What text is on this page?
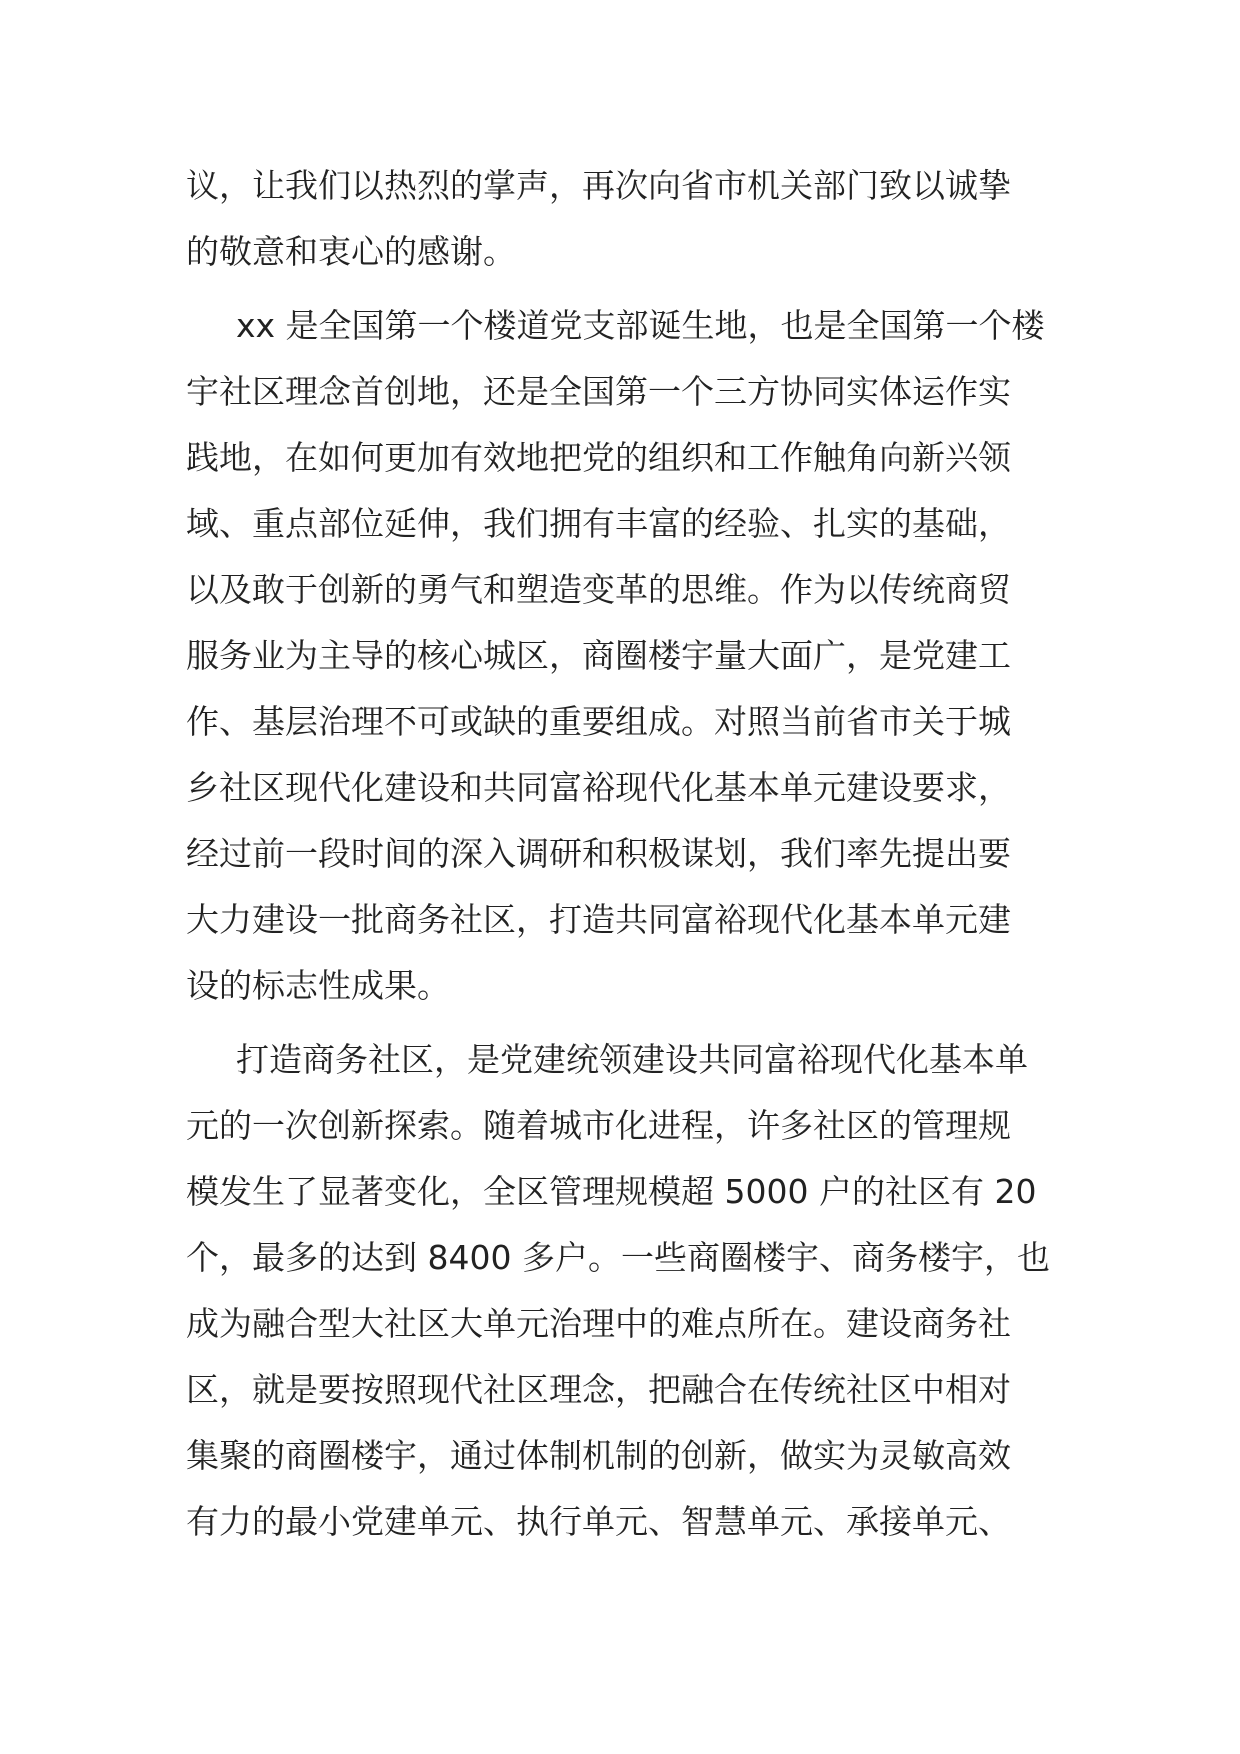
议，让我们以热烈的掌声，再次向省市机关部门致以诚挚
的敬意和衷心的感谢。

xx 是全国第一个楼道党支部诞生地，也是全国第一个楼
宇社区理念首创地，还是全国第一个三方协同实体运作实
践地，在如何更加有效地把党的组织和工作触角向新兴领
域、重点部位延伸，我们拥有丰富的经验、扎实的基础，
以及敢于创新的勇气和塑造变革的思维。作为以传统商贸
服务业为主导的核心城区，商圈楼宇量大面广，是党建工
作、基层治理不可或缺的重要组成。对照当前省市关于城
乡社区现代化建设和共同富裕现代化基本单元建设要求，
经过前一段时间的深入调研和积极谋划，我们率先提出要
大力建设一批商务社区，打造共同富裕现代化基本单元建
设的标志性成果。

打造商务社区，是党建统领建设共同富裕现代化基本单
元的一次创新探索。随着城市化进程，许多社区的管理规
模发生了显著变化，全区管理规模超 5000 户的社区有 20
个，最多的达到 8400 多户。一些商圈楼宇、商务楼宇，也
成为融合型大社区大单元治理中的难点所在。建设商务社
区，就是要按照现代社区理念，把融合在传统社区中相对
集聚的商圈楼宇，通过体制机制的创新，做实为灵敏高效
有力的最小党建单元、执行单元、智慧单元、承接单元、
